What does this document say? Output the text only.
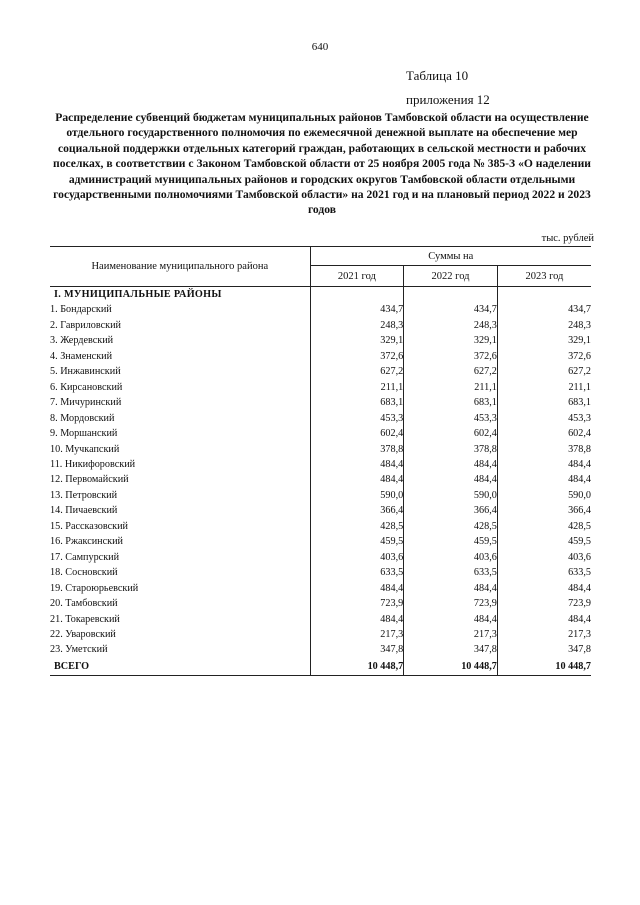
640
Таблица 10
приложения 12
Распределение субвенций бюджетам муниципальных районов Тамбовской области на осуществление отдельного государственного полномочия по ежемесячной денежной выплате на обеспечение мер социальной поддержки отдельных категорий граждан, работающих в сельской местности и рабочих поселках, в соответствии с Законом Тамбовской области от 25 ноября 2005 года № 385-З «О наделении администраций муниципальных районов и городских округов Тамбовской области отдельными государственными полномочиями Тамбовской области» на 2021 год и на плановый период 2022 и 2023 годов
тыс. рублей
Наименование муниципального района	Суммы на		
	2021 год	2022 год	2023 год
I. МУНИЦИПАЛЬНЫЕ РАЙОНЫ			
1. Бондарский	434,7	434,7	434,7
2. Гавриловский	248,3	248,3	248,3
3. Жердевский	329,1	329,1	329,1
4. Знаменский	372,6	372,6	372,6
5. Инжавинский	627,2	627,2	627,2
6. Кирсановский	211,1	211,1	211,1
7. Мичуринский	683,1	683,1	683,1
8. Мордовский	453,3	453,3	453,3
9. Моршанский	602,4	602,4	602,4
10. Мучкапский	378,8	378,8	378,8
11. Никифоровский	484,4	484,4	484,4
12. Первомайский	484,4	484,4	484,4
13. Петровский	590,0	590,0	590,0
14. Пичаевский	366,4	366,4	366,4
15. Рассказовский	428,5	428,5	428,5
16. Ржаксинский	459,5	459,5	459,5
17. Сампурский	403,6	403,6	403,6
18. Сосновский	633,5	633,5	633,5
19. Староюрьевский	484,4	484,4	484,4
20. Тамбовский	723,9	723,9	723,9
21. Токаревский	484,4	484,4	484,4
22. Уваровский	217,3	217,3	217,3
23. Уметский	347,8	347,8	347,8
ВСЕГО	10 448,7	10 448,7	10 448,7
